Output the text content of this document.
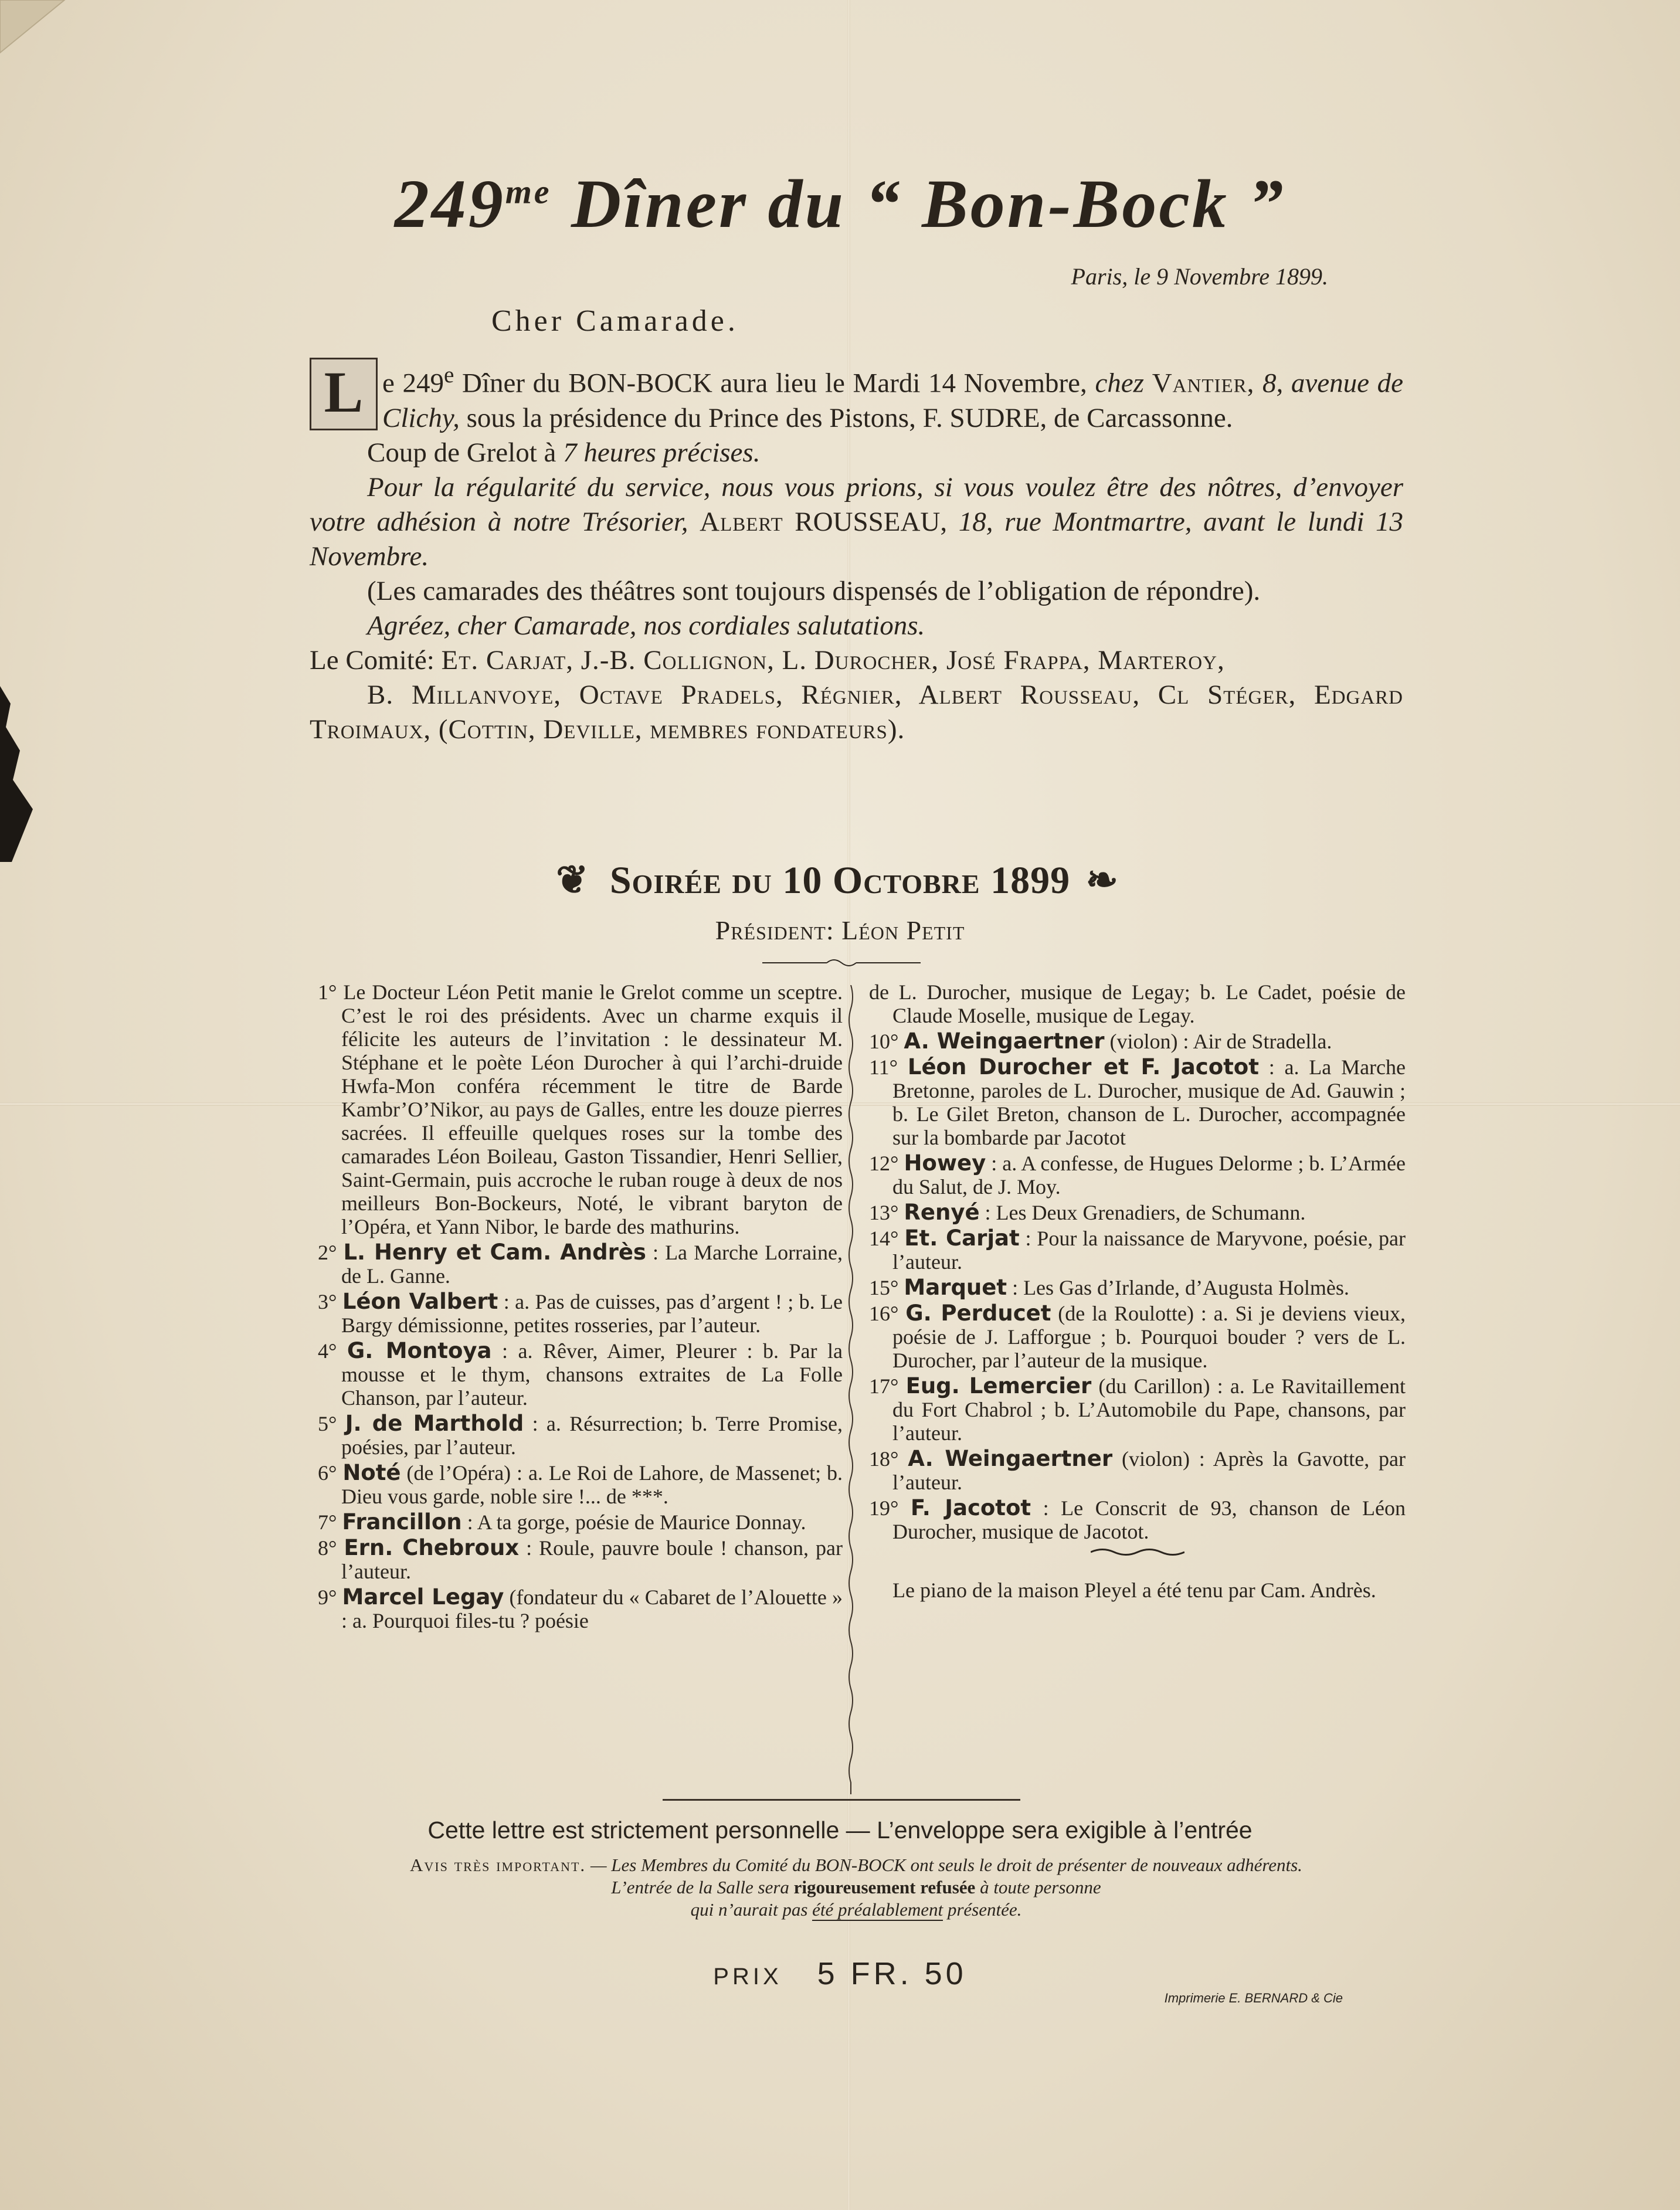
$249^{me}$ Dîner du “ Bon-Bock ”
Paris, le 9 Novembre 1899.
Cher Camarade.

L e 249e Dîner du BON-BOCK aura lieu le Mardi 14 Novembre, chez Vantier, 8, avenue de Clichy, sous la présidence du Prince des Pistons, F. SUDRE, de Carcassonne.

Coup de Grelot à 7 heures précises.

Pour la régularité du service, nous vous prions, si vous voulez être des nôtres, d’envoyer votre adhésion à notre Trésorier, Albert ROUSSEAU, 18, rue Montmartre, avant le lundi 13 Novembre.

(Les camarades des théâtres sont toujours dispensés de l’obligation de répondre).

Agréez, cher Camarade, nos cordiales salutations.

Le Comité: Et. Carjat, J.-B. Collignon, L. Durocher, José Frappa, Marteroy,
B. Millanvoye, Octave Pradels, Régnier, Albert Rousseau, Cl Stéger, Edgard Troimaux, (Cottin, Deville, membres fondateurs).

❦ Soirée du 10 Octobre 1899 ❧
Président: Léon Petit
1° Le Docteur Léon Petit manie le Grelot comme un sceptre. C’est le roi des présidents. Avec un charme exquis il félicite les auteurs de l’invitation : le dessinateur M. Stéphane et le poète Léon Durocher à qui l’archi-druide Hwfa-Mon conféra récemment le titre de Barde Kambr’O’Nikor, au pays de Galles, entre les douze pierres sacrées. Il effeuille quelques roses sur la tombe des camarades Léon Boileau, Gaston Tissandier, Henri Sellier, Saint-Germain, puis accroche le ruban rouge à deux de nos meilleurs Bon-Bockeurs, Noté, le vibrant baryton de l’Opéra, et Yann Nibor, le barde des mathurins.
2° L. Henry et Cam. Andrès : La Marche Lorraine, de L. Ganne.
3° Léon Valbert : a. Pas de cuisses, pas d’argent ! ; b. Le Bargy démissionne, petites rosseries, par l’auteur.
4° G. Montoya : a. Rêver, Aimer, Pleurer : b. Par la mousse et le thym, chansons extraites de La Folle Chanson, par l’auteur.
5° J. de Marthold : a. Résurrection; b. Terre Promise, poésies, par l’auteur.
6° Noté (de l’Opéra) : a. Le Roi de Lahore, de Massenet; b. Dieu vous garde, noble sire !... de ***.
7° Francillon : A ta gorge, poésie de Maurice Donnay.
8° Ern. Chebroux : Roule, pauvre boule ! chanson, par l’auteur.
9° Marcel Legay (fondateur du « Cabaret de l’Alouette » : a. Pourquoi files-tu ? poésie
de L. Durocher, musique de Legay; b. Le Cadet, poésie de Claude Moselle, musique de Legay.
10° A. Weingaertner (violon) : Air de Stradella.
11° Léon Durocher et F. Jacotot : a. La Marche Bretonne, paroles de L. Durocher, musique de Ad. Gauwin ; b. Le Gilet Breton, chanson de L. Durocher, accompagnée sur la bombarde par Jacotot
12° Howey : a. A confesse, de Hugues Delorme ; b. L’Armée du Salut, de J. Moy.
13° Renyé : Les Deux Grenadiers, de Schumann.
14° Et. Carjat : Pour la naissance de Maryvone, poésie, par l’auteur.
15° Marquet : Les Gas d’Irlande, d’Augusta Holmès.
16° G. Perducet (de la Roulotte) : a. Si je deviens vieux, poésie de J. Lafforgue ; b. Pourquoi bouder ? vers de L. Durocher, par l’auteur de la musique.
17° Eug. Lemercier (du Carillon) : a. Le Ravitaillement du Fort Chabrol ; b. L’Automobile du Pape, chansons, par l’auteur.
18° A. Weingaertner (violon) : Après la Gavotte, par l’auteur.
19° F. Jacotot : Le Conscrit de 93, chanson de Léon Durocher, musique de Jacotot.
Le piano de la maison Pleyel a été tenu par Cam. Andrès.
Cette lettre est strictement personnelle — L’enveloppe sera exigible à l’entrée
Avis très important. — Les Membres du Comité du BON-BOCK ont seuls le droit de présenter de nouveaux adhérents.
L’entrée de la Salle sera rigoureusement refusée à toute personne
qui n’aurait pas été préalablement présentée.
PRIX 5 FR. 50
Imprimerie E. BERNARD & Cie
